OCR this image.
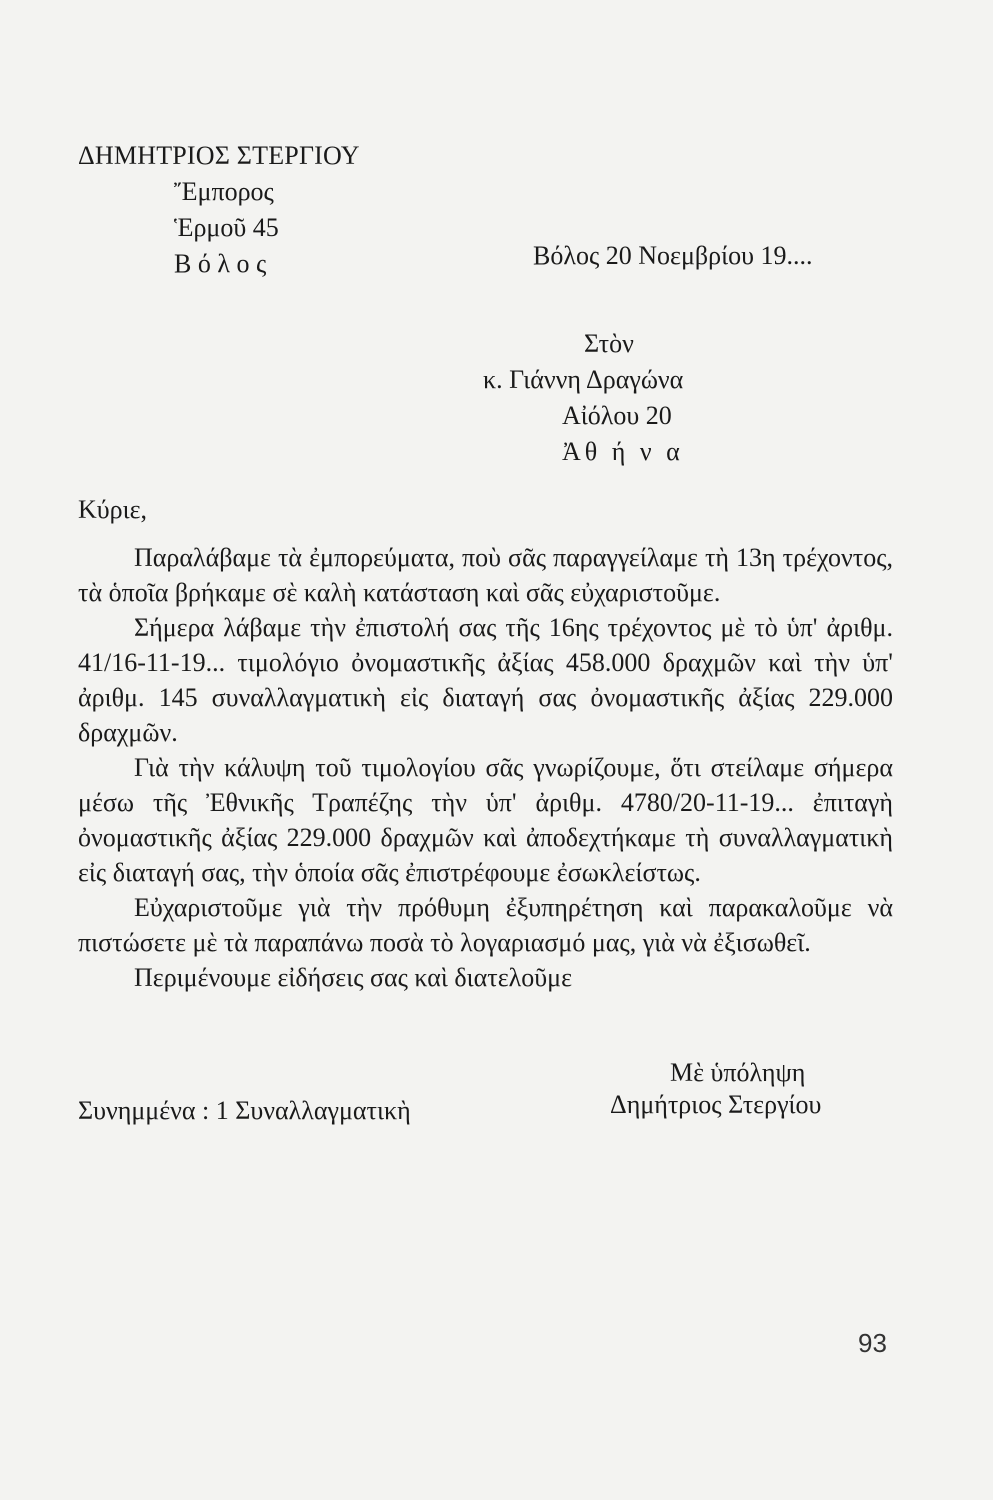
ΔΗΜΗΤΡΙΟΣ ΣΤΕΡΓΙΟΥ
Ἔμπορος
Ἑρμοῦ 45
Β ό λ ο ς	Βόλος 20 Νοεμβρίου 19....
Στὸν
κ. Γιάννη Δραγώνα
Αἰόλου 20
Ἀθ ή ν α
Κύριε,

Παραλάβαμε τὰ ἐμπορεύματα, ποὺ σᾶς παραγγείλαμε τὴ 13η τρέχοντος, τὰ ὁποῖα βρήκαμε σὲ καλὴ κατάσταση καὶ σᾶς εὐχαριστοῦμε.

Σήμερα λάβαμε τὴν ἐπιστολή σας τῆς 16ης τρέχοντος μὲ τὸ ὑπ' ἀριθμ. 41/16-11-19... τιμολόγιο ὀνομαστικῆς ἀξίας 458.000 δραχμῶν καὶ τὴν ὑπ' ἀριθμ. 145 συναλλαγματικὴ εἰς διαταγή σας ὀνομαστικῆς ἀξίας 229.000 δραχμῶν.

Γιὰ τὴν κάλυψη τοῦ τιμολογίου σᾶς γνωρίζουμε, ὅτι στείλαμε σήμερα μέσω τῆς Ἐθνικῆς Τραπέζης τὴν ὑπ' ἀριθμ. 4780/20-11-19... ἐπιταγὴ ὀνομαστικῆς ἀξίας 229.000 δραχμῶν καὶ ἀποδεχτήκαμε τὴ συναλλαγματικὴ εἰς διαταγή σας, τὴν ὁποία σᾶς ἐπιστρέφουμε ἐσωκλείστως.

Εὐχαριστοῦμε γιὰ τὴν πρόθυμη ἐξυπηρέτηση καὶ παρακαλοῦμε νὰ πιστώσετε μὲ τὰ παραπάνω ποσὰ τὸ λογαριασμό μας, γιὰ νὰ ἐξισωθεῖ.

Περιμένουμε εἰδήσεις σας καὶ διατελοῦμε

Μὲ ὑπόληψη
Συνημμένα : 1 Συναλλαγματικὴ	Δημήτριος Στεργίου
93
